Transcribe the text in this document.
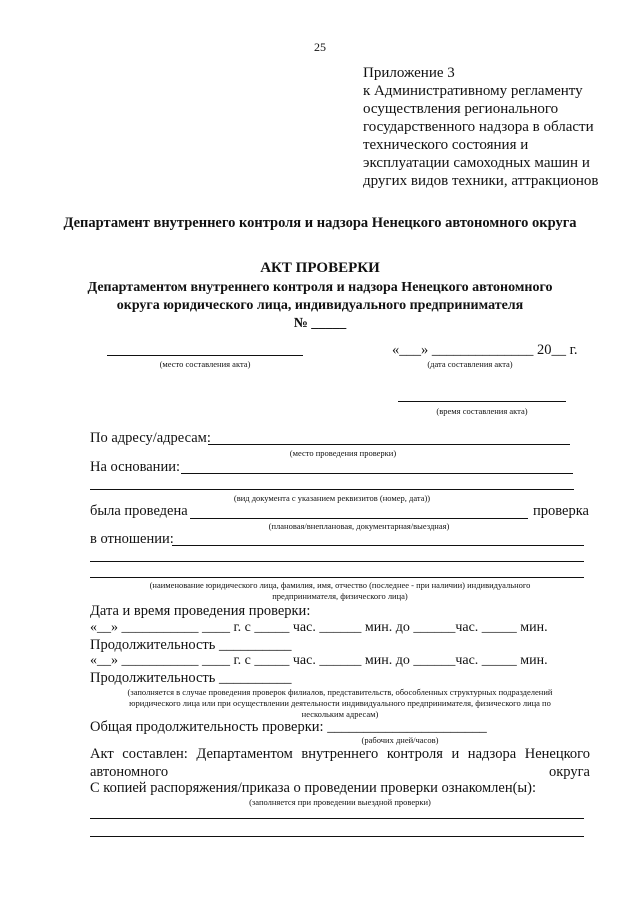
25
Приложение 3
к Административному регламенту
осуществления регионального
государственного надзора в области
технического состояния и
эксплуатации самоходных машин и
других видов техники, аттракционов
Департамент внутреннего контроля и надзора Ненецкого автономного округа
АКТ ПРОВЕРКИ
Департаментом внутреннего контроля и надзора Ненецкого автономного
округа юридического лица, индивидуального предпринимателя
№ _____
(место составления акта)
«___» ______________ 20__ г.
(дата составления акта)
(время составления акта)
По адресу/адресам:
(место проведения проверки)
На основании:
(вид документа с указанием реквизитов (номер, дата))
была проведена	проверка
(плановая/внеплановая, документарная/выездная)
в отношении:
(наименование юридического лица, фамилия, имя, отчество (последнее - при наличии) индивидуального
предпринимателя, физического лица)
Дата и время проведения проверки:
«__» ___________ ____ г. с _____ час. ______ мин. до ______час. _____ мин.
Продолжительность __________
«__» ___________ ____ г. с _____ час. ______ мин. до ______час. _____ мин.
Продолжительность __________
(заполняется в случае проведения проверок филиалов, представительств, обособленных структурных подразделений
юридического лица или при осуществлении деятельности индивидуального предпринимателя, физического лица по
нескольким адресам)
Общая продолжительность проверки: ______________________
(рабочих дней/часов)
Акт составлен: Департаментом внутреннего контроля и надзора Ненецкого автономного округа
С копией распоряжения/приказа о проведении проверки ознакомлен(ы):
(заполняется при проведении выездной проверки)
